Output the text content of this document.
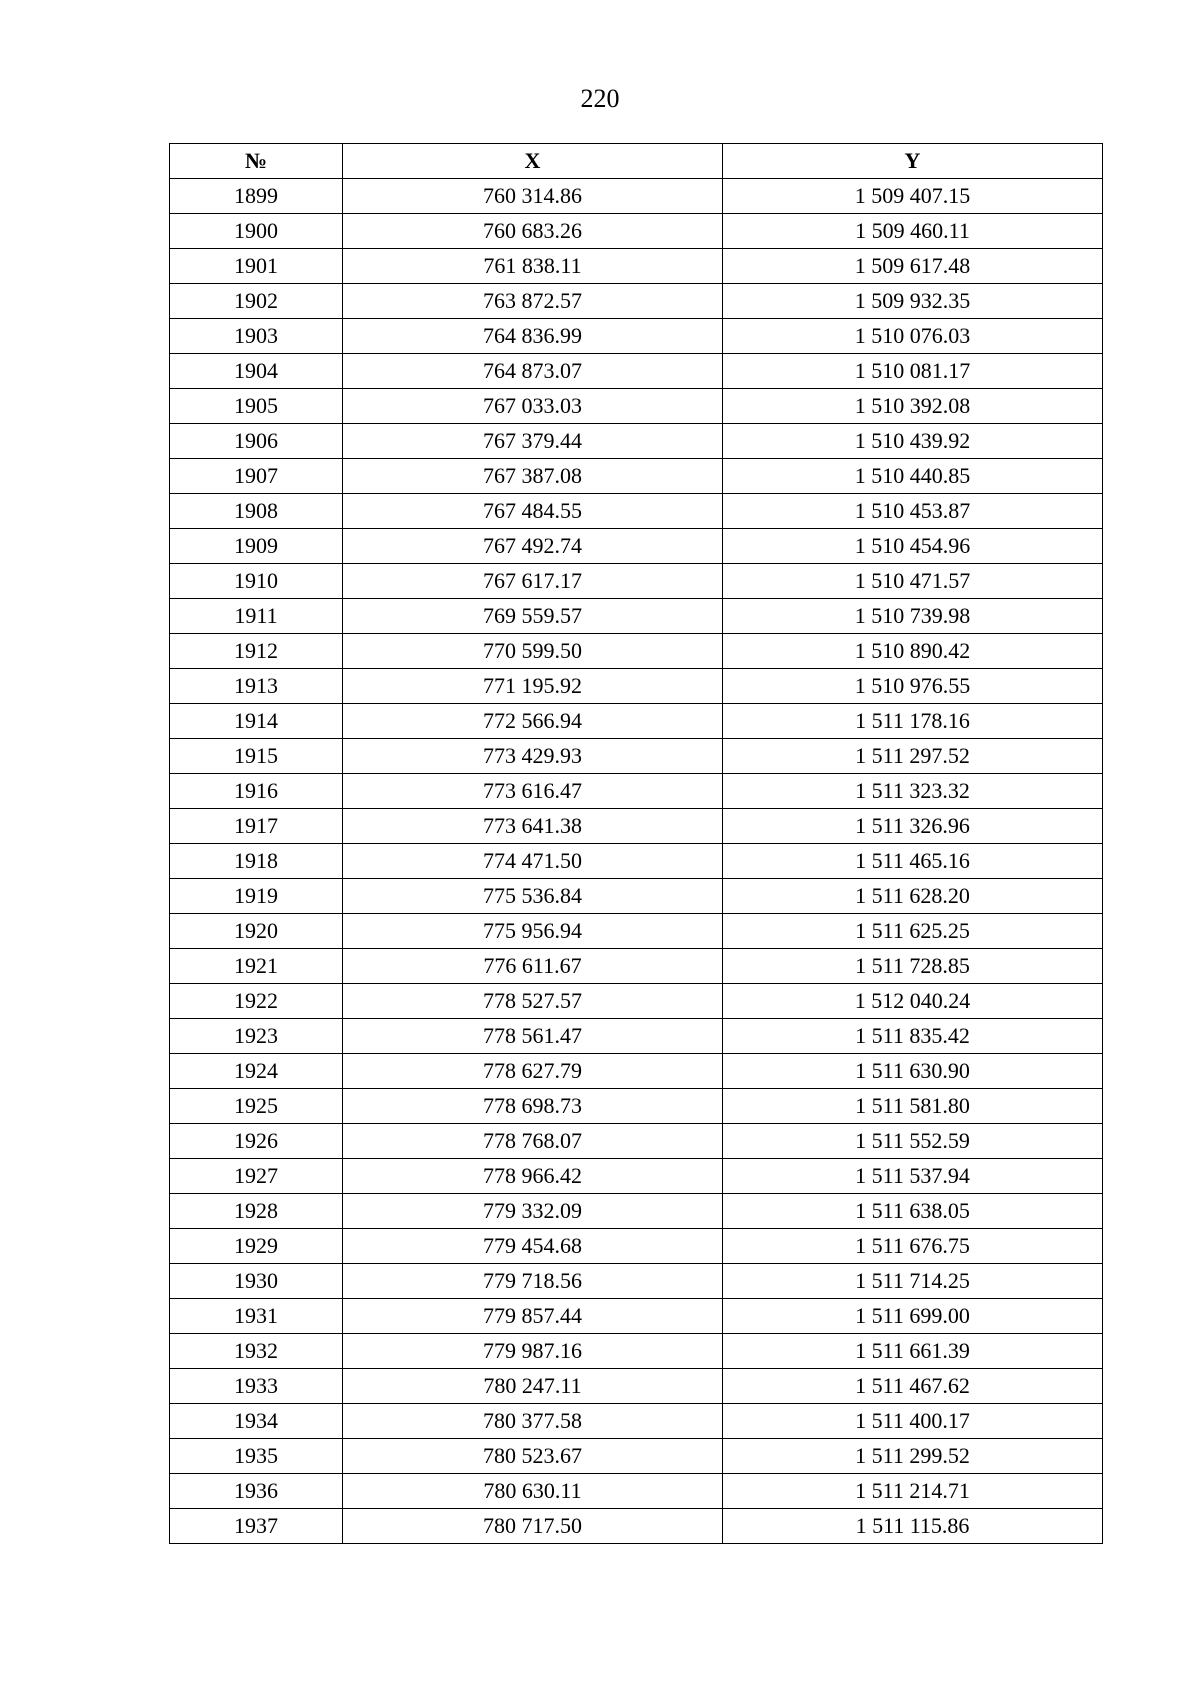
220
№	X	Y
1899	760 314.86	1 509 407.15
1900	760 683.26	1 509 460.11
1901	761 838.11	1 509 617.48
1902	763 872.57	1 509 932.35
1903	764 836.99	1 510 076.03
1904	764 873.07	1 510 081.17
1905	767 033.03	1 510 392.08
1906	767 379.44	1 510 439.92
1907	767 387.08	1 510 440.85
1908	767 484.55	1 510 453.87
1909	767 492.74	1 510 454.96
1910	767 617.17	1 510 471.57
1911	769 559.57	1 510 739.98
1912	770 599.50	1 510 890.42
1913	771 195.92	1 510 976.55
1914	772 566.94	1 511 178.16
1915	773 429.93	1 511 297.52
1916	773 616.47	1 511 323.32
1917	773 641.38	1 511 326.96
1918	774 471.50	1 511 465.16
1919	775 536.84	1 511 628.20
1920	775 956.94	1 511 625.25
1921	776 611.67	1 511 728.85
1922	778 527.57	1 512 040.24
1923	778 561.47	1 511 835.42
1924	778 627.79	1 511 630.90
1925	778 698.73	1 511 581.80
1926	778 768.07	1 511 552.59
1927	778 966.42	1 511 537.94
1928	779 332.09	1 511 638.05
1929	779 454.68	1 511 676.75
1930	779 718.56	1 511 714.25
1931	779 857.44	1 511 699.00
1932	779 987.16	1 511 661.39
1933	780 247.11	1 511 467.62
1934	780 377.58	1 511 400.17
1935	780 523.67	1 511 299.52
1936	780 630.11	1 511 214.71
1937	780 717.50	1 511 115.86
